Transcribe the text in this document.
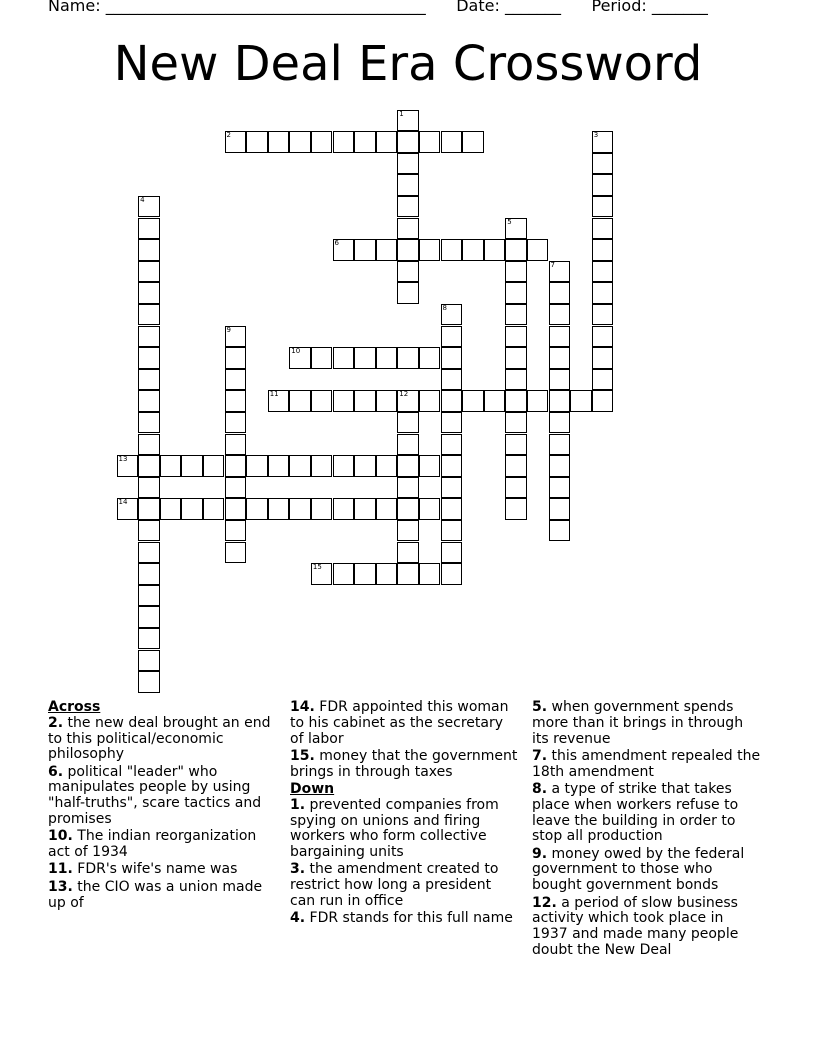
Name: ________________________________________ Date: _______ Period: _______
New Deal Era Crossword
2
6
10
11	12
13
14
15
1
3
4
5
7
8
9
Across
2. the new deal brought an end to this political/economic philosophy
6. political "leader" who manipulates people by using "half-truths", scare tactics and promises
10. The indian reorganization act of 1934
11. FDR's wife's name was
13. the CIO was a union made up of
14. FDR appointed this woman to his cabinet as the secretary of labor
15. money that the government brings in through taxes
Down
1. prevented companies from spying on unions and firing workers who form collective bargaining units
3. the amendment created to restrict how long a president can run in office
4. FDR stands for this full name
5. when government spends more than it brings in through its revenue
7. this amendment repealed the 18th amendment
8. a type of strike that takes place when workers refuse to leave the building in order to stop all production
9. money owed by the federal government to those who bought government bonds
12. a period of slow business activity which took place in 1937 and made many people doubt the New Deal
